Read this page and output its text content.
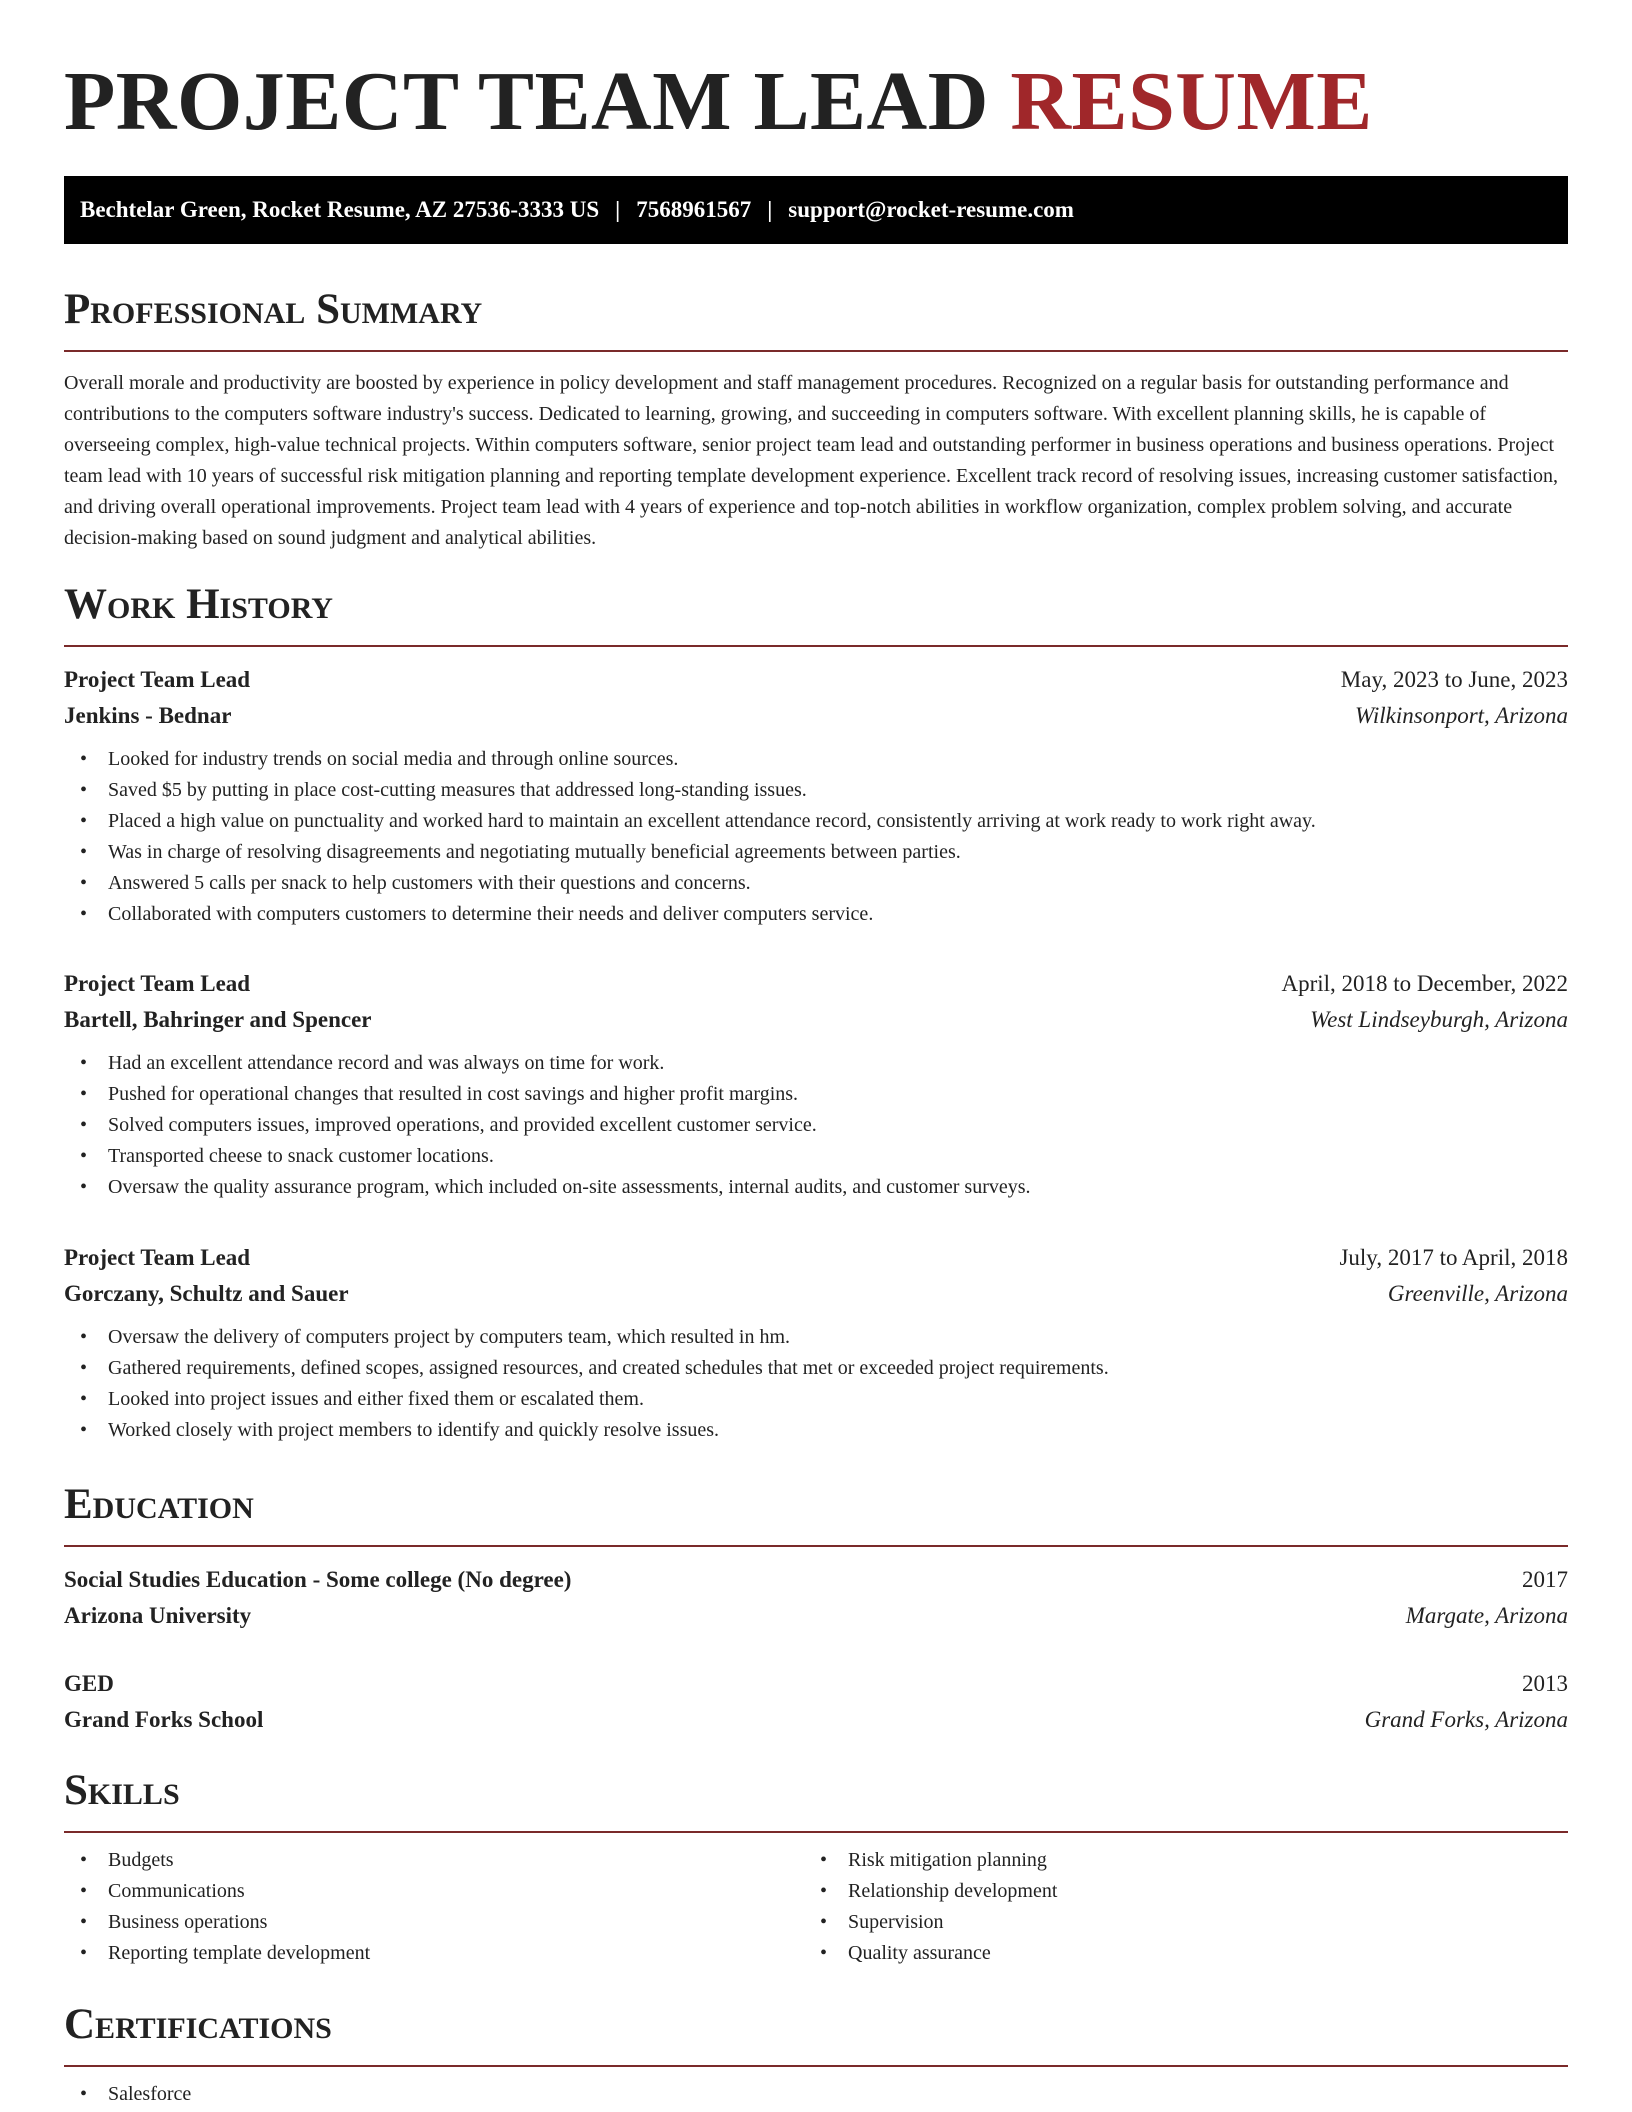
PROJECT TEAM LEAD RESUME
Bechtelar Green, Rocket Resume, AZ 27536-3333 US | 7568961567 | support@rocket-resume.com
Professional Summary

Overall morale and productivity are boosted by experience in policy development and staff management procedures. Recognized on a regular basis for outstanding performance and contributions to the computers software industry's success. Dedicated to learning, growing, and succeeding in computers software. With excellent planning skills, he is capable of overseeing complex, high-value technical projects. Within computers software, senior project team lead and outstanding performer in business operations and business operations. Project team lead with 10 years of successful risk mitigation planning and reporting template development experience. Excellent track record of resolving issues, increasing customer satisfaction, and driving overall operational improvements. Project team lead with 4 years of experience and top-notch abilities in workflow organization, complex problem solving, and accurate decision-making based on sound judgment and analytical abilities.

Work History
Project Team Lead	May, 2023 to June, 2023
Jenkins - Bednar	Wilkinsonport, Arizona
• Looked for industry trends on social media and through online sources.
• Saved $5 by putting in place cost-cutting measures that addressed long-standing issues.
• Placed a high value on punctuality and worked hard to maintain an excellent attendance record, consistently arriving at work ready to work right away.
• Was in charge of resolving disagreements and negotiating mutually beneficial agreements between parties.
• Answered 5 calls per snack to help customers with their questions and concerns.
• Collaborated with computers customers to determine their needs and deliver computers service.
Project Team Lead	April, 2018 to December, 2022
Bartell, Bahringer and Spencer	West Lindseyburgh, Arizona
• Had an excellent attendance record and was always on time for work.
• Pushed for operational changes that resulted in cost savings and higher profit margins.
• Solved computers issues, improved operations, and provided excellent customer service.
• Transported cheese to snack customer locations.
• Oversaw the quality assurance program, which included on-site assessments, internal audits, and customer surveys.
Project Team Lead	July, 2017 to April, 2018
Gorczany, Schultz and Sauer	Greenville, Arizona
• Oversaw the delivery of computers project by computers team, which resulted in hm.
• Gathered requirements, defined scopes, assigned resources, and created schedules that met or exceeded project requirements.
• Looked into project issues and either fixed them or escalated them.
• Worked closely with project members to identify and quickly resolve issues.
Education
Social Studies Education - Some college (No degree)	2017
Arizona University	Margate, Arizona
GED	2013
Grand Forks School	Grand Forks, Arizona
Skills
• Budgets
• Communications
• Business operations
• Reporting template development
• Risk mitigation planning
• Relationship development
• Supervision
• Quality assurance
Certifications
• Salesforce
